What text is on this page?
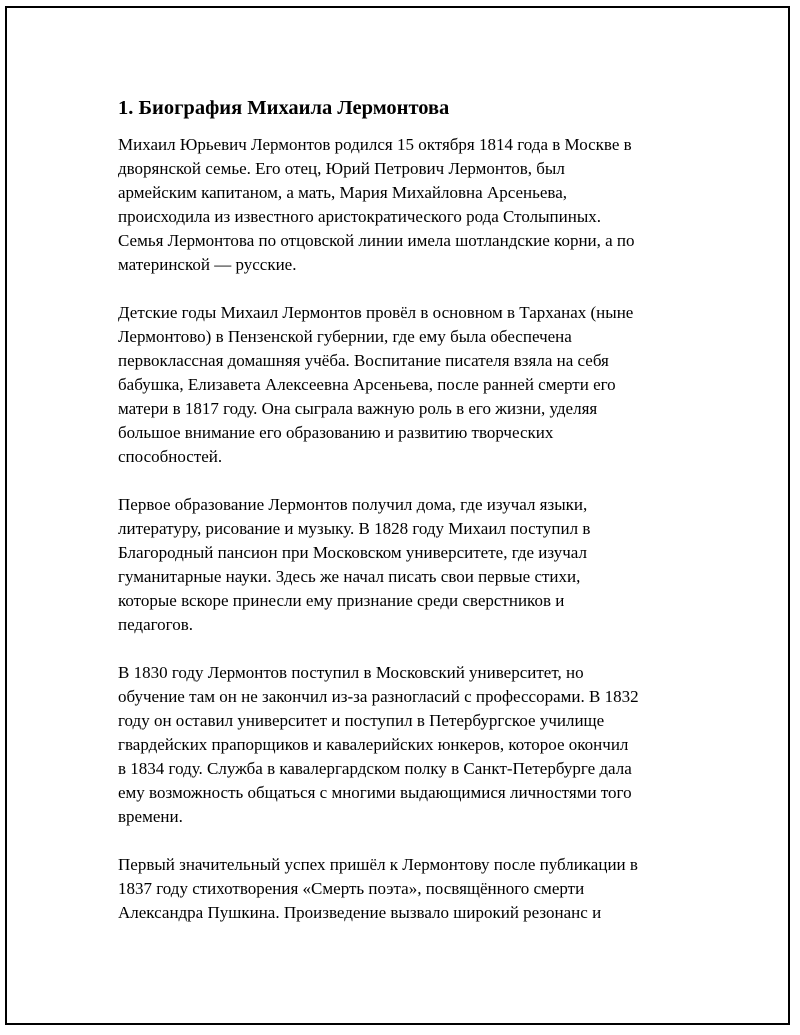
1. Биография Михаила Лермонтова
Михаил Юрьевич Лермонтов родился 15 октября 1814 года в Москве в
дворянской семье. Его отец, Юрий Петрович Лермонтов, был
армейским капитаном, а мать, Мария Михайловна Арсеньева,
происходила из известного аристократического рода Столыпиных.
Семья Лермонтова по отцовской линии имела шотландские корни, а по
материнской — русские.
Детские годы Михаил Лермонтов провёл в основном в Тарханах (ныне
Лермонтово) в Пензенской губернии, где ему была обеспечена
первоклассная домашняя учёба. Воспитание писателя взяла на себя
бабушка, Елизавета Алексеевна Арсеньева, после ранней смерти его
матери в 1817 году. Она сыграла важную роль в его жизни, уделяя
большое внимание его образованию и развитию творческих
способностей.
Первое образование Лермонтов получил дома, где изучал языки,
литературу, рисование и музыку. В 1828 году Михаил поступил в
Благородный пансион при Московском университете, где изучал
гуманитарные науки. Здесь же начал писать свои первые стихи,
которые вскоре принесли ему признание среди сверстников и
педагогов.
В 1830 году Лермонтов поступил в Московский университет, но
обучение там он не закончил из-за разногласий с профессорами. В 1832
году он оставил университет и поступил в Петербургское училище
гвардейских прапорщиков и кавалерийских юнкеров, которое окончил
в 1834 году. Служба в кавалергардском полку в Санкт-Петербурге дала
ему возможность общаться с многими выдающимися личностями того
времени.
Первый значительный успех пришёл к Лермонтову после публикации в
1837 году стихотворения «Смерть поэта», посвящённого смерти
Александра Пушкина. Произведение вызвало широкий резонанс и
